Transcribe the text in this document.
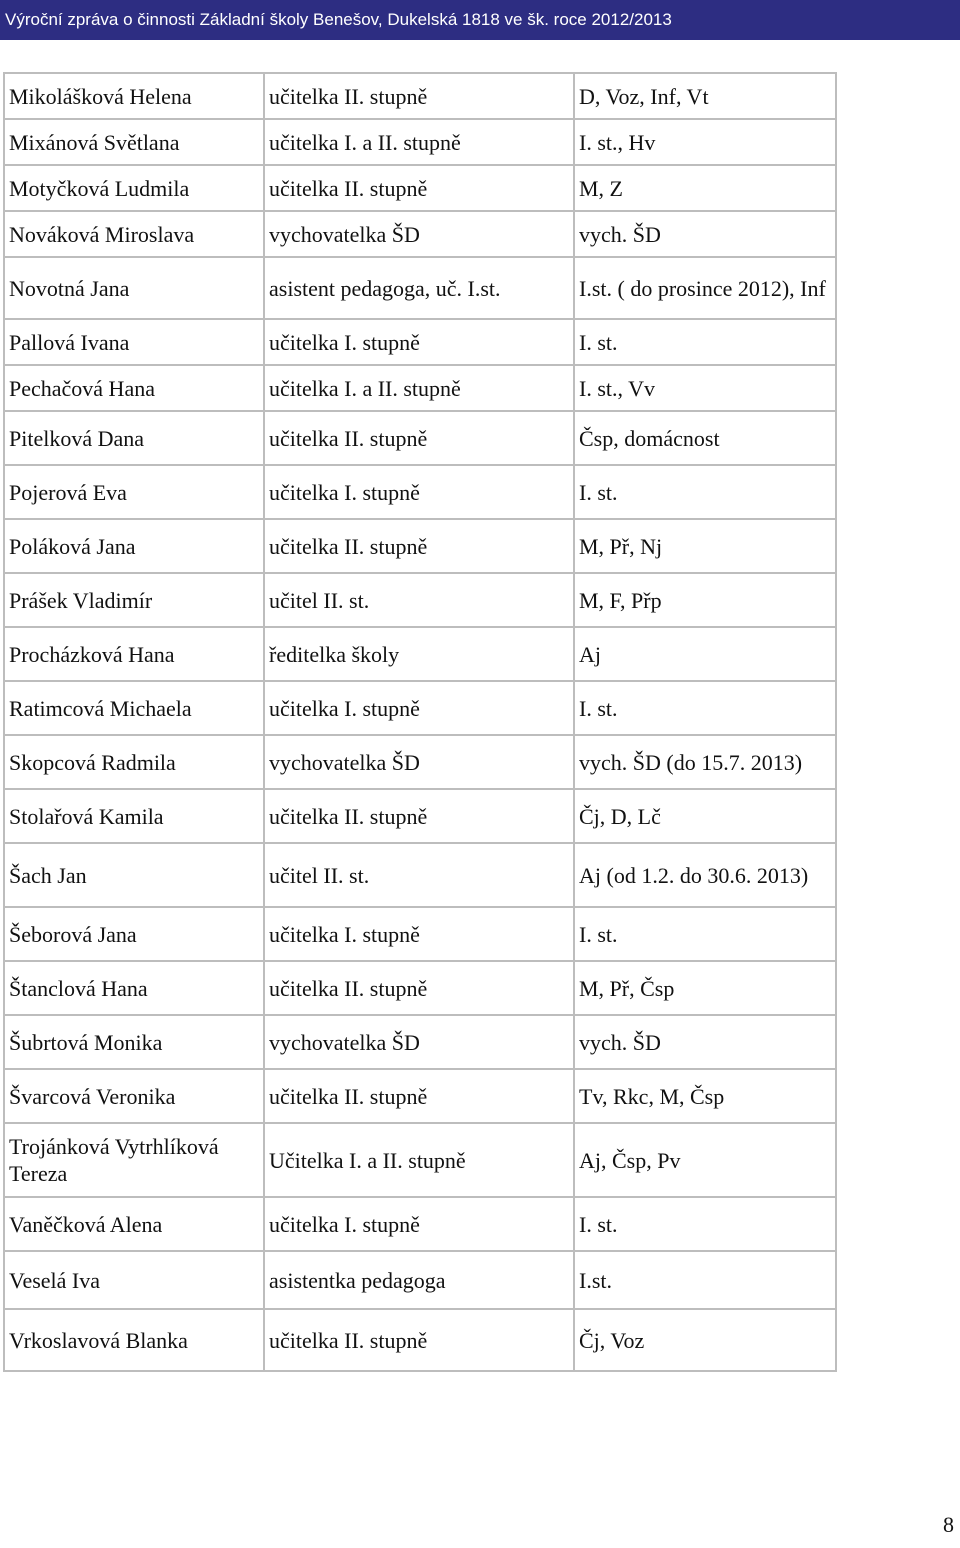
Výroční zpráva o činnosti Základní školy Benešov, Dukelská 1818 ve šk. roce 2012/2013
Mikolášková Helena	učitelka II. stupně	D, Voz, Inf, Vt
Mixánová Světlana	učitelka I. a II. stupně	I. st., Hv
Motyčková Ludmila	učitelka II. stupně	M, Z
Nováková Miroslava	vychovatelka ŠD	vych. ŠD
Novotná Jana	asistent pedagoga, uč. I.st.	I.st. ( do prosince 2012), Inf
Pallová Ivana	učitelka I. stupně	I. st.
Pechačová Hana	učitelka I. a II. stupně	I. st., Vv
Pitelková Dana	učitelka II. stupně	Čsp, domácnost
Pojerová Eva	učitelka I. stupně	I. st.
Poláková Jana	učitelka II. stupně	M, Př, Nj
Prášek Vladimír	učitel II. st.	M, F, Přp
Procházková Hana	ředitelka školy	Aj
Ratimcová Michaela	učitelka I. stupně	I. st.
Skopcová Radmila	vychovatelka ŠD	vych. ŠD (do 15.7. 2013)
Stolařová Kamila	učitelka II. stupně	Čj, D, Lč
Šach Jan	učitel II. st.	Aj (od 1.2. do 30.6. 2013)
Šeborová Jana	učitelka I. stupně	I. st.
Štanclová Hana	učitelka II. stupně	M, Př, Čsp
Šubrtová Monika	vychovatelka ŠD	vych. ŠD
Švarcová Veronika	učitelka II. stupně	Tv, Rkc, M, Čsp
Trojánková Vytrhlíková Tereza	Učitelka I. a II. stupně	Aj, Čsp, Pv
Vaněčková Alena	učitelka I. stupně	I. st.
Veselá Iva	asistentka pedagoga	I.st.
Vrkoslavová Blanka	učitelka II. stupně	Čj, Voz
8
